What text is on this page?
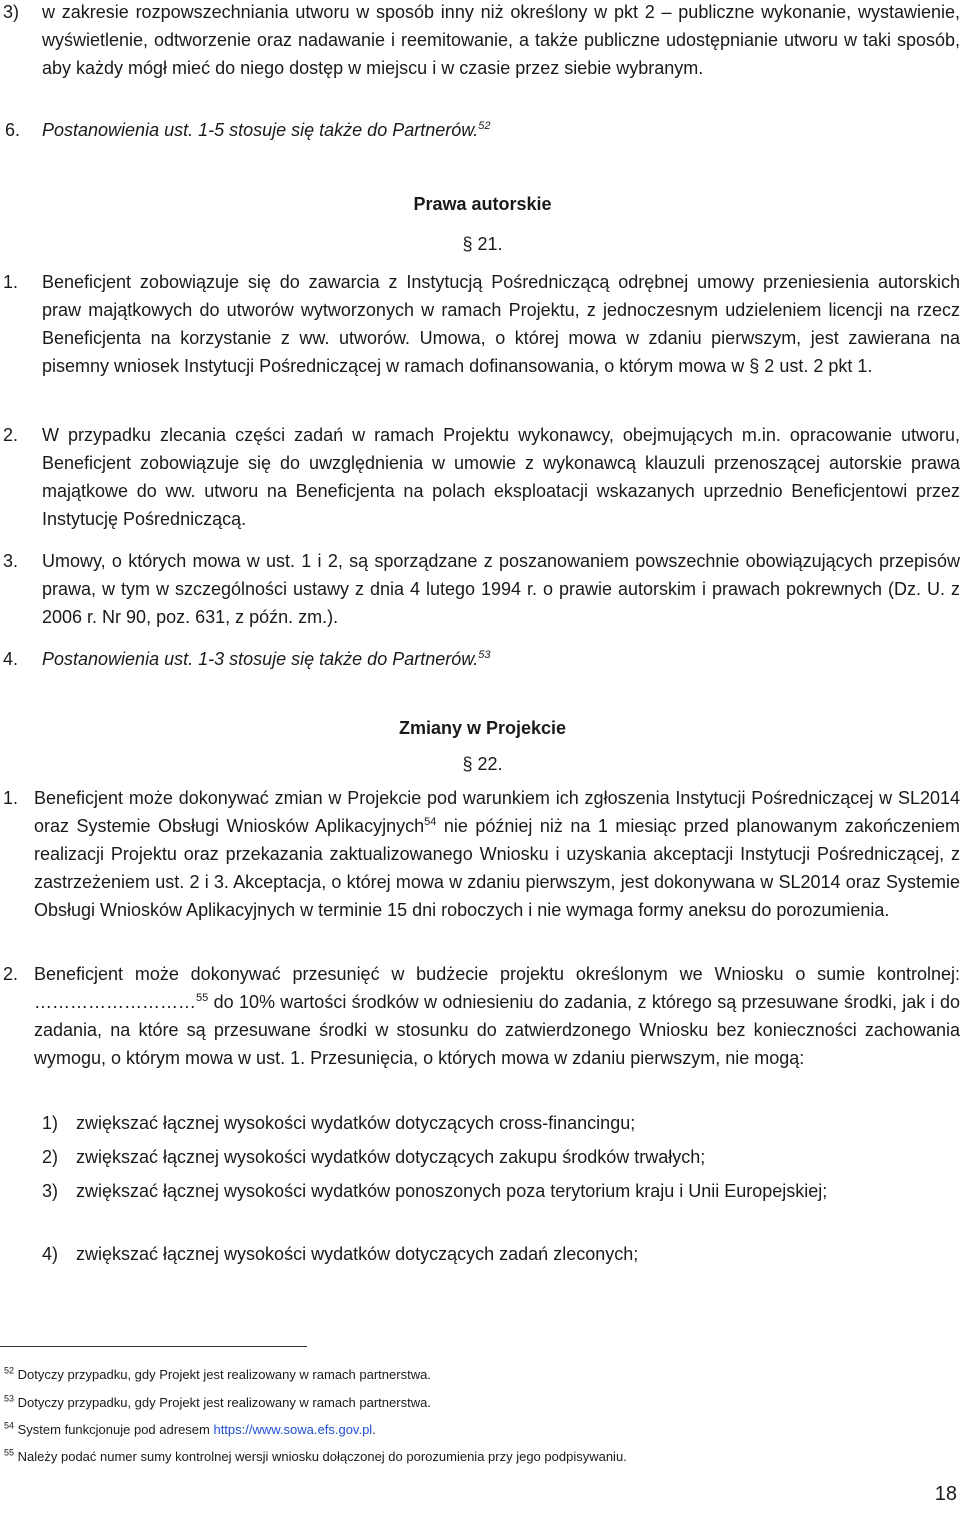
3) w zakresie rozpowszechniania utworu w sposób inny niż określony w pkt 2 – publiczne wykonanie, wystawienie, wyświetlenie, odtworzenie oraz nadawanie i reemitowanie, a także publiczne udostępnianie utworu w taki sposób, aby każdy mógł mieć do niego dostęp w miejscu i w czasie przez siebie wybranym.
6. Postanowienia ust. 1-5 stosuje się także do Partnerów.$^{52}$
Prawa autorskie
§ 21.
1. Beneficjent zobowiązuje się do zawarcia z Instytucją Pośredniczącą odrębnej umowy przeniesienia autorskich praw majątkowych do utworów wytworzonych w ramach Projektu, z jednoczesnym udzieleniem licencji na rzecz Beneficjenta na korzystanie z ww. utworów. Umowa, o której mowa w zdaniu pierwszym, jest zawierana na pisemny wniosek Instytucji Pośredniczącej w ramach dofinansowania, o którym mowa w § 2 ust. 2 pkt 1.
2. W przypadku zlecania części zadań w ramach Projektu wykonawcy, obejmujących m.in. opracowanie utworu, Beneficjent zobowiązuje się do uwzględnienia w umowie z wykonawcą klauzuli przenoszącej autorskie prawa majątkowe do ww. utworu na Beneficjenta na polach eksploatacji wskazanych uprzednio Beneficjentowi przez Instytucję Pośredniczącą.
3. Umowy, o których mowa w ust. 1 i 2, są sporządzane z poszanowaniem powszechnie obowiązujących przepisów prawa, w tym w szczególności ustawy z dnia 4 lutego 1994 r. o prawie autorskim i prawach pokrewnych (Dz. U. z 2006 r. Nr 90, poz. 631, z późn. zm.).
4. Postanowienia ust. 1-3 stosuje się także do Partnerów.$^{53}$
Zmiany w Projekcie
§ 22.
1. Beneficjent może dokonywać zmian w Projekcie pod warunkiem ich zgłoszenia Instytucji Pośredniczącej w SL2014 oraz Systemie Obsługi Wniosków Aplikacyjnych$^{54}$ nie później niż na 1 miesiąc przed planowanym zakończeniem realizacji Projektu oraz przekazania zaktualizowanego Wniosku i uzyskania akceptacji Instytucji Pośredniczącej, z zastrzeżeniem ust. 2 i 3. Akceptacja, o której mowa w zdaniu pierwszym, jest dokonywana w SL2014 oraz Systemie Obsługi Wniosków Aplikacyjnych w terminie 15 dni roboczych i nie wymaga formy aneksu do porozumienia.
2. Beneficjent może dokonywać przesunięć w budżecie projektu określonym we Wniosku o sumie kontrolnej: ………………………$^{55}$ do 10% wartości środków w odniesieniu do zadania, z którego są przesuwane środki, jak i do zadania, na które są przesuwane środki w stosunku do zatwierdzonego Wniosku bez konieczności zachowania wymogu, o którym mowa w ust. 1. Przesunięcia, o których mowa w zdaniu pierwszym, nie mogą:
1) zwiększać łącznej wysokości wydatków dotyczących cross-financingu;
2) zwiększać łącznej wysokości wydatków dotyczących zakupu środków trwałych;
3) zwiększać łącznej wysokości wydatków ponoszonych poza terytorium kraju i Unii Europejskiej;
4) zwiększać łącznej wysokości wydatków dotyczących zadań zleconych;
$^{52}$ Dotyczy przypadku, gdy Projekt jest realizowany w ramach partnerstwa.
$^{53}$ Dotyczy przypadku, gdy Projekt jest realizowany w ramach partnerstwa.
$^{54}$ System funkcjonuje pod adresem https://www.sowa.efs.gov.pl.
$^{55}$ Należy podać numer sumy kontrolnej wersji wniosku dołączonej do porozumienia przy jego podpisywaniu.
18
